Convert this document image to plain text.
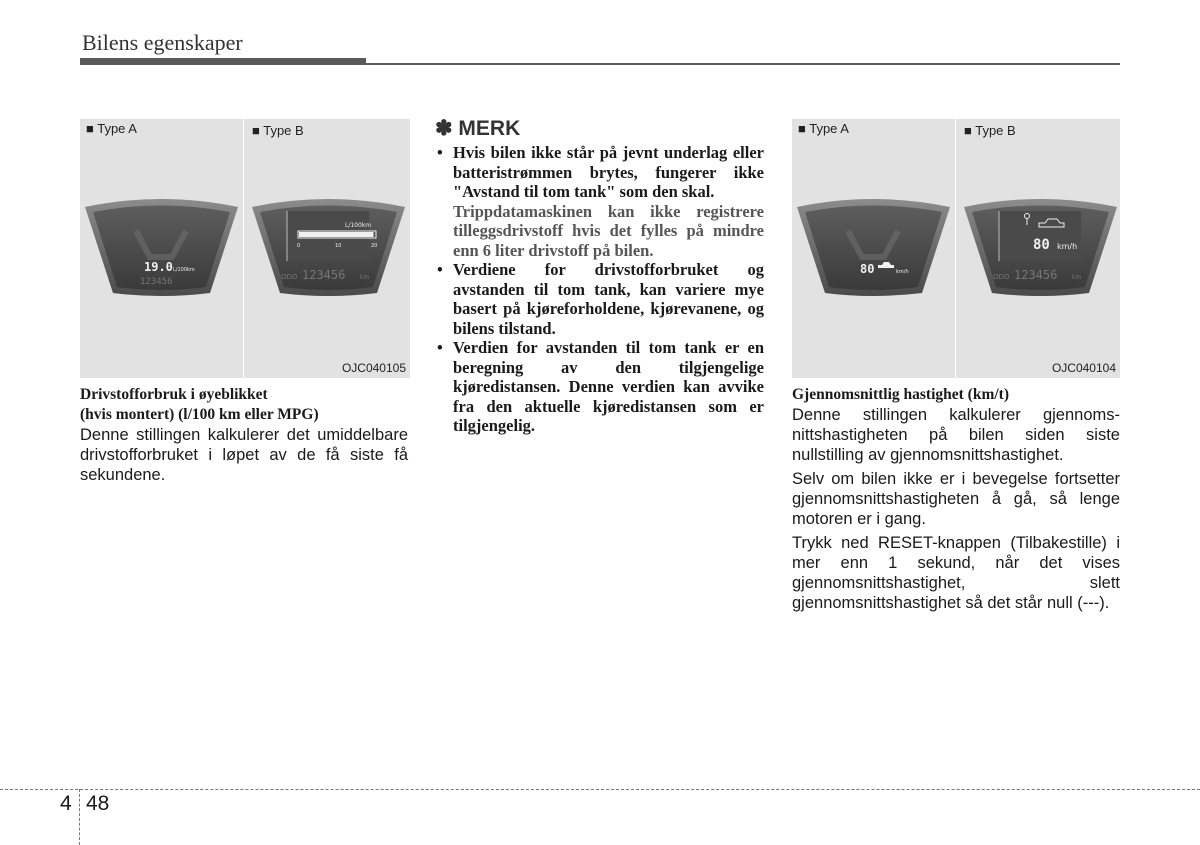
Bilens egenskaper
■ Type A	■ Type B
OJC040105
19.0 L/100km
123456
L/100km
0	10	20
ODO 123456 km
■ Type A	■ Type B
OJC040104
80	km/h
80 km/h
ODO 123456 km
Drivstofforbruk i øyeblikket
(hvis montert) (l/100 km eller MPG)
Denne stillingen kalkulerer det umiddelbare drivstofforbruket i løpet av de få siste få sekundene.
✽ MERK
• Hvis bilen ikke står på jevnt underlag eller batteristrømmen brytes, fungerer ikke "Avstand til tom tank" som den skal.
Trippdatamaskinen kan ikke registrere tilleggsdrivstoff hvis det fylles på mindre enn 6 liter drivstoff på bilen.
• Verdiene for drivstofforbruket og avstanden til tom tank, kan variere mye basert på kjøreforholdene, kjørevanene, og bilens tilstand.
• Verdien for avstanden til tom tank er en beregning av den tilgjengelige kjøredistansen. Denne verdien kan avvike fra den aktuelle kjøredistansen som er tilgjengelig.
Gjennomsnittlig hastighet (km/t)

Denne stillingen kalkulerer gjennoms-nittshastigheten på bilen siden siste nullstilling av gjennomsnittshastighet.

Selv om bilen ikke er i bevegelse fortsetter gjennomsnittshastigheten å gå, så lenge motoren er i gang.

Trykk ned RESET-knappen (Tilbakestille) i mer enn 1 sekund, når det vises gjennomsnittshastighet, slett gjennomsnittshastighet så det står null (---).

4 48
